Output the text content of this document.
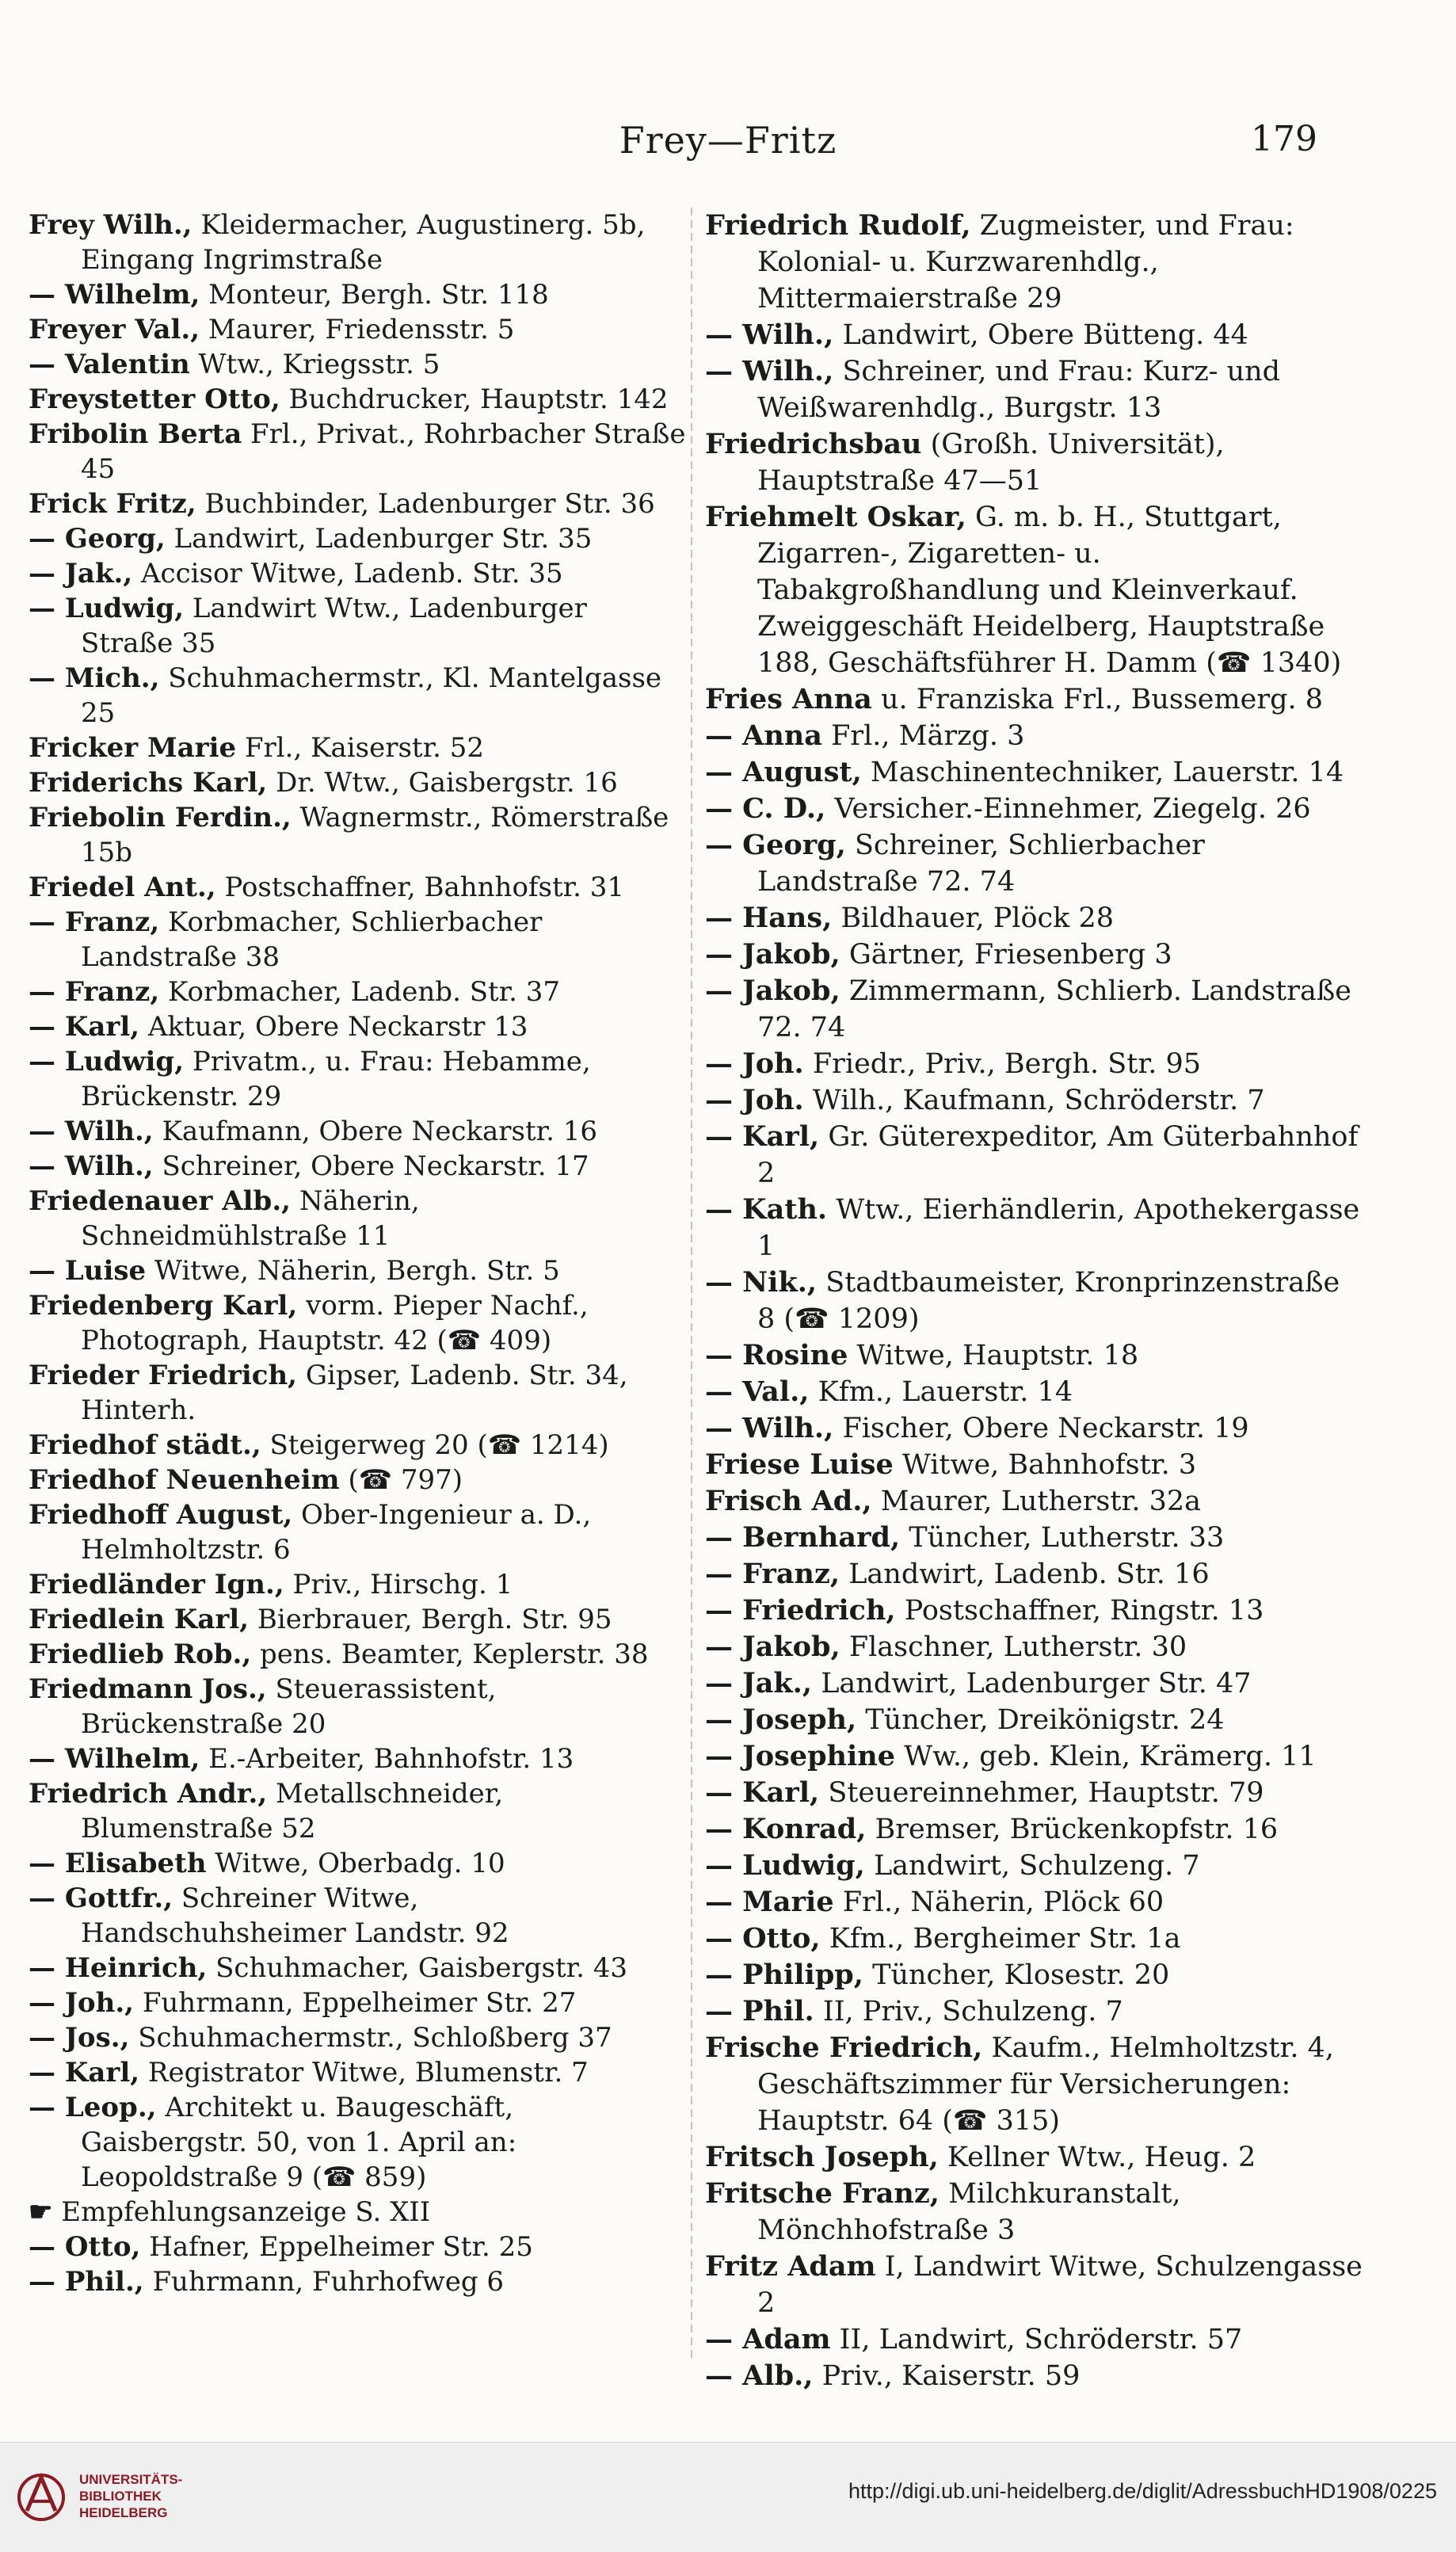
Frey—Fritz	179
Frey Wilh., Kleidermacher, Augustinerg. 5b, Eingang Ingrimstraße
— Wilhelm, Monteur, Bergh. Str. 118
Freyer Val., Maurer, Friedensstr. 5
— Valentin Wtw., Kriegsstr. 5
Freystetter Otto, Buchdrucker, Hauptstr. 142
Fribolin Berta Frl., Privat., Rohrbacher Straße 45
Frick Fritz, Buchbinder, Ladenburger Str. 36
— Georg, Landwirt, Ladenburger Str. 35
— Jak., Accisor Witwe, Ladenb. Str. 35
— Ludwig, Landwirt Wtw., Ladenburger Straße 35
— Mich., Schuhmachermstr., Kl. Mantelgasse 25
Fricker Marie Frl., Kaiserstr. 52
Friderichs Karl, Dr. Wtw., Gaisbergstr. 16
Friebolin Ferdin., Wagnermstr., Römerstraße 15b
Friedel Ant., Postschaffner, Bahnhofstr. 31
— Franz, Korbmacher, Schlierbacher Landstraße 38
— Franz, Korbmacher, Ladenb. Str. 37
— Karl, Aktuar, Obere Neckarstr 13
— Ludwig, Privatm., u. Frau: Hebamme, Brückenstr. 29
— Wilh., Kaufmann, Obere Neckarstr. 16
— Wilh., Schreiner, Obere Neckarstr. 17
Friedenauer Alb., Näherin, Schneidmühlstraße 11
— Luise Witwe, Näherin, Bergh. Str. 5
Friedenberg Karl, vorm. Pieper Nachf., Photograph, Hauptstr. 42 (☎ 409)
Frieder Friedrich, Gipser, Ladenb. Str. 34, Hinterh.
Friedhof städt., Steigerweg 20 (☎ 1214)
Friedhof Neuenheim (☎ 797)
Friedhoff August, Ober-Ingenieur a. D., Helmholtzstr. 6
Friedländer Ign., Priv., Hirschg. 1
Friedlein Karl, Bierbrauer, Bergh. Str. 95
Friedlieb Rob., pens. Beamter, Keplerstr. 38
Friedmann Jos., Steuerassistent, Brückenstraße 20
— Wilhelm, E.-Arbeiter, Bahnhofstr. 13
Friedrich Andr., Metallschneider, Blumenstraße 52
— Elisabeth Witwe, Oberbadg. 10
— Gottfr., Schreiner Witwe, Handschuhsheimer Landstr. 92
— Heinrich, Schuhmacher, Gaisbergstr. 43
— Joh., Fuhrmann, Eppelheimer Str. 27
— Jos., Schuhmachermstr., Schloßberg 37
— Karl, Registrator Witwe, Blumenstr. 7
— Leop., Architekt u. Baugeschäft, Gaisbergstr. 50, von 1. April an: Leopoldstraße 9 (☎ 859)
☛ Empfehlungsanzeige S. XII
— Otto, Hafner, Eppelheimer Str. 25
— Phil., Fuhrmann, Fuhrhofweg 6
Friedrich Rudolf, Zugmeister, und Frau: Kolonial- u. Kurzwarenhdlg., Mittermaierstraße 29
— Wilh., Landwirt, Obere Bütteng. 44
— Wilh., Schreiner, und Frau: Kurz- und Weißwarenhdlg., Burgstr. 13
Friedrichsbau (Großh. Universität), Hauptstraße 47—51
Friehmelt Oskar, G. m. b. H., Stuttgart, Zigarren-, Zigaretten- u. Tabakgroßhandlung und Kleinverkauf. Zweiggeschäft Heidelberg, Hauptstraße 188, Geschäftsführer H. Damm (☎ 1340)
Fries Anna u. Franziska Frl., Bussemerg. 8
— Anna Frl., Märzg. 3
— August, Maschinentechniker, Lauerstr. 14
— C. D., Versicher.-Einnehmer, Ziegelg. 26
— Georg, Schreiner, Schlierbacher Landstraße 72. 74
— Hans, Bildhauer, Plöck 28
— Jakob, Gärtner, Friesenberg 3
— Jakob, Zimmermann, Schlierb. Landstraße 72. 74
— Joh. Friedr., Priv., Bergh. Str. 95
— Joh. Wilh., Kaufmann, Schröderstr. 7
— Karl, Gr. Güterexpeditor, Am Güterbahnhof 2
— Kath. Wtw., Eierhändlerin, Apothekergasse 1
— Nik., Stadtbaumeister, Kronprinzenstraße 8 (☎ 1209)
— Rosine Witwe, Hauptstr. 18
— Val., Kfm., Lauerstr. 14
— Wilh., Fischer, Obere Neckarstr. 19
Friese Luise Witwe, Bahnhofstr. 3
Frisch Ad., Maurer, Lutherstr. 32a
— Bernhard, Tüncher, Lutherstr. 33
— Franz, Landwirt, Ladenb. Str. 16
— Friedrich, Postschaffner, Ringstr. 13
— Jakob, Flaschner, Lutherstr. 30
— Jak., Landwirt, Ladenburger Str. 47
— Joseph, Tüncher, Dreikönigstr. 24
— Josephine Ww., geb. Klein, Krämerg. 11
— Karl, Steuereinnehmer, Hauptstr. 79
— Konrad, Bremser, Brückenkopfstr. 16
— Ludwig, Landwirt, Schulzeng. 7
— Marie Frl., Näherin, Plöck 60
— Otto, Kfm., Bergheimer Str. 1a
— Philipp, Tüncher, Klosestr. 20
— Phil. II, Priv., Schulzeng. 7
Frische Friedrich, Kaufm., Helmholtzstr. 4, Geschäftszimmer für Versicherungen: Hauptstr. 64 (☎ 315)
Fritsch Joseph, Kellner Wtw., Heug. 2
Fritsche Franz, Milchkuranstalt, Mönchhofstraße 3
Fritz Adam I, Landwirt Witwe, Schulzengasse 2
— Adam II, Landwirt, Schröderstr. 57
— Alb., Priv., Kaiserstr. 59
UNIVERSITÄTS-
BIBLIOTHEK
HEIDELBERG
http://digi.ub.uni-heidelberg.de/diglit/AdressbuchHD1908/0225
